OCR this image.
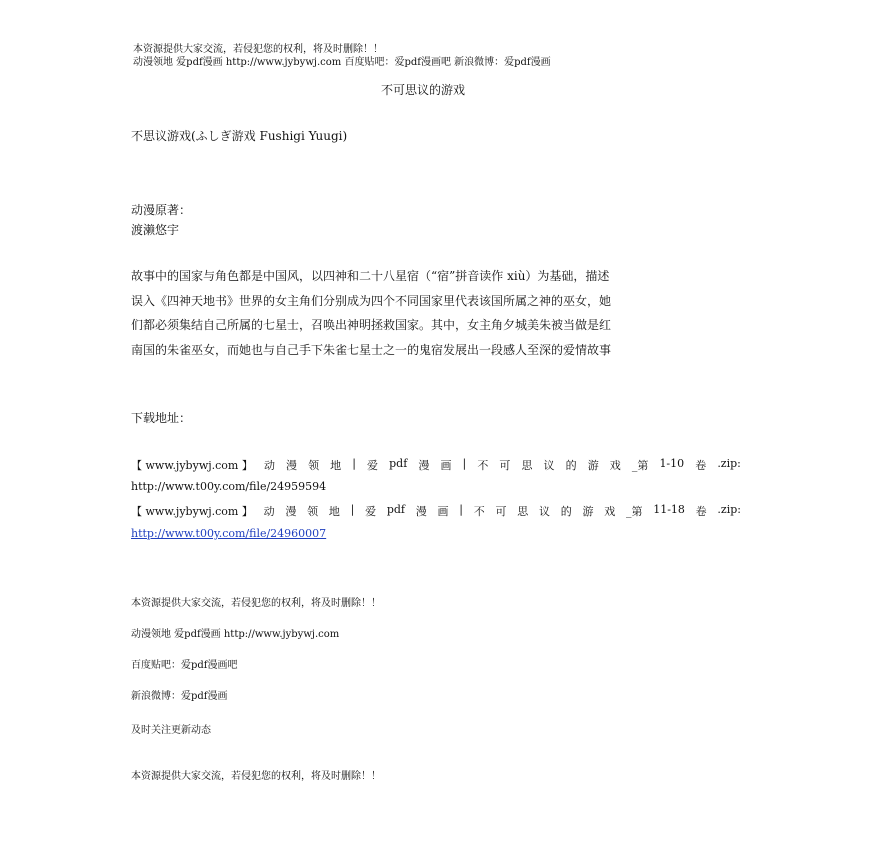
本资源提供大家交流，若侵犯您的权利，将及时删除！！
动漫领地 爱pdf漫画 http://www.jybywj.com 百度贴吧：爱pdf漫画吧 新浪微博：爱pdf漫画
不可思议的游戏
不思议游戏(ふしぎ游戏 Fushigi Yuugi)
动漫原著：
渡濑悠宇
故事中的国家与角色都是中国风，以四神和二十八星宿（“宿”拼音读作 xiù）为基础，描述
误入《四神天地书》世界的女主角们分别成为四个不同国家里代表该国所属之神的巫女，她
们都必须集结自己所属的七星士，召唤出神明拯救国家。其中，女主角夕城美朱被当做是红
南国的朱雀巫女，而她也与自己手下朱雀七星士之一的鬼宿发展出一段感人至深的爱情故事
下载地址：
【 www.jybywj.com 】 动 漫 领 地 | 爱 pdf 漫 画 | 不 可 思 议 的 游 戏 _第 1-10 卷 .zip:
http://www.t00y.com/file/24959594
【 www.jybywj.com 】 动 漫 领 地 | 爱 pdf 漫 画 | 不 可 思 议 的 游 戏 _第 11-18 卷 .zip:
http://www.t00y.com/file/24960007
本资源提供大家交流，若侵犯您的权利，将及时删除！！
动漫领地 爱pdf漫画 http://www.jybywj.com
百度贴吧：爱pdf漫画吧
新浪微博：爱pdf漫画
及时关注更新动态
本资源提供大家交流，若侵犯您的权利，将及时删除！！
